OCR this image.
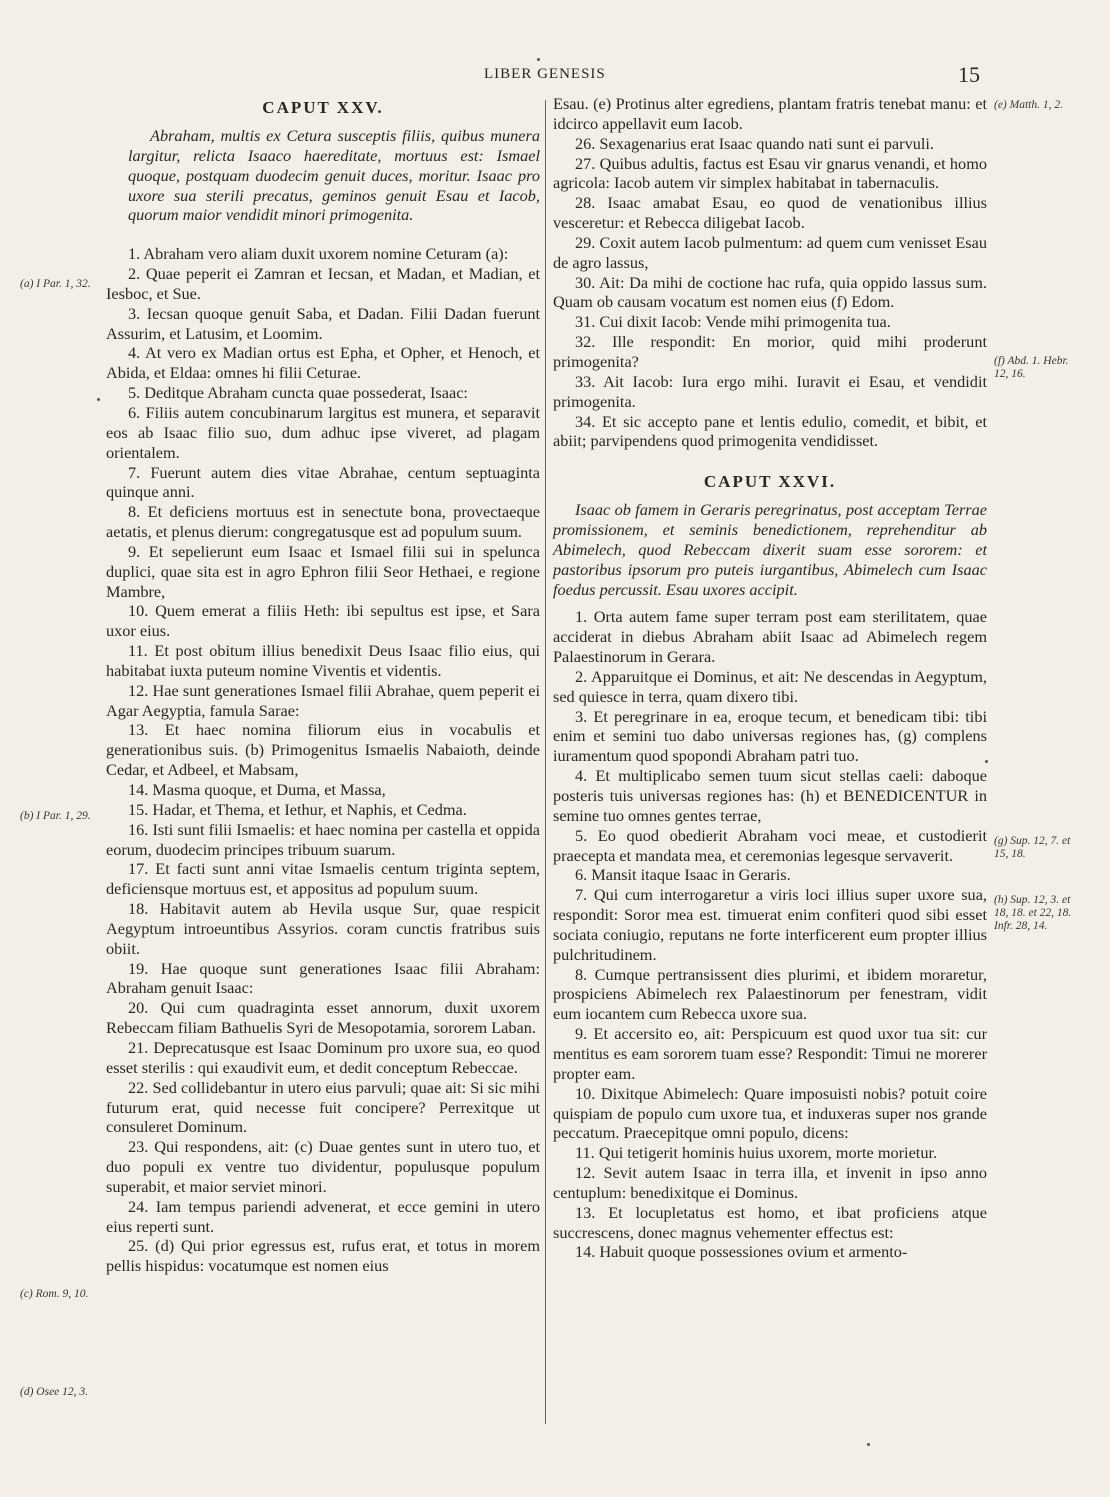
LIBER GENESIS	15
CAPUT XXV.

Abraham, multis ex Cetura susceptis filiis, quibus munera largitur, relicta Isaaco haereditate, mortuus est: Ismael quoque, postquam duodecim genuit duces, moritur. Isaac pro uxore sua sterili precatus, geminos genuit Esau et Iacob, quorum maior vendidit minori primogenita.

1. Abraham vero aliam duxit uxorem nomine Ceturam (a):

2. Quae peperit ei Zamran et Iecsan, et Madan, et Madian, et Iesboc, et Sue.

3. Iecsan quoque genuit Saba, et Dadan. Filii Dadan fuerunt Assurim, et Latusim, et Loomim.

4. At vero ex Madian ortus est Epha, et Opher, et Henoch, et Abida, et Eldaa: omnes hi filii Ceturae.

5. Deditque Abraham cuncta quae possederat, Isaac:

6. Filiis autem concubinarum largitus est munera, et separavit eos ab Isaac filio suo, dum adhuc ipse viveret, ad plagam orientalem.

7. Fuerunt autem dies vitae Abrahae, centum septuaginta quinque anni.

8. Et deficiens mortuus est in senectute bona, provectaeque aetatis, et plenus dierum: congregatusque est ad populum suum.

9. Et sepelierunt eum Isaac et Ismael filii sui in spelunca duplici, quae sita est in agro Ephron filii Seor Hethaei, e regione Mambre,

10. Quem emerat a filiis Heth: ibi sepultus est ipse, et Sara uxor eius.

11. Et post obitum illius benedixit Deus Isaac filio eius, qui habitabat iuxta puteum nomine Viventis et videntis.

12. Hae sunt generationes Ismael filii Abrahae, quem peperit ei Agar Aegyptia, famula Sarae:

13. Et haec nomina filiorum eius in vocabulis et generationibus suis. (b) Primogenitus Ismaelis Nabaioth, deinde Cedar, et Adbeel, et Mabsam,

14. Masma quoque, et Duma, et Massa,

15. Hadar, et Thema, et Iethur, et Naphis, et Cedma.

16. Isti sunt filii Ismaelis: et haec nomina per castella et oppida eorum, duodecim principes tribuum suarum.

17. Et facti sunt anni vitae Ismaelis centum triginta septem, deficiensque mortuus est, et appositus ad populum suum.

18. Habitavit autem ab Hevila usque Sur, quae respicit Aegyptum introeuntibus Assyrios. coram cunctis fratribus suis obiit.

19. Hae quoque sunt generationes Isaac filii Abraham: Abraham genuit Isaac:

20. Qui cum quadraginta esset annorum, duxit uxorem Rebeccam filiam Bathuelis Syri de Mesopotamia, sororem Laban.

21. Deprecatusque est Isaac Dominum pro uxore sua, eo quod esset sterilis : qui exaudivit eum, et dedit conceptum Rebeccae.

22. Sed collidebantur in utero eius parvuli; quae ait: Si sic mihi futurum erat, quid necesse fuit concipere? Perrexitque ut consuleret Dominum.

23. Qui respondens, ait: (c) Duae gentes sunt in utero tuo, et duo populi ex ventre tuo dividentur, populusque populum superabit, et maior serviet minori.

24. Iam tempus pariendi advenerat, et ecce gemini in utero eius reperti sunt.

25. (d) Qui prior egressus est, rufus erat, et totus in morem pellis hispidus: vocatumque est nomen eius

Esau. (e) Protinus alter egrediens, plantam fratris tenebat manu: et idcirco appellavit eum Iacob.

26. Sexagenarius erat Isaac quando nati sunt ei parvuli.

27. Quibus adultis, factus est Esau vir gnarus venandi, et homo agricola: Iacob autem vir simplex habitabat in tabernaculis.

28. Isaac amabat Esau, eo quod de venationibus illius vesceretur: et Rebecca diligebat Iacob.

29. Coxit autem Iacob pulmentum: ad quem cum venisset Esau de agro lassus,

30. Ait: Da mihi de coctione hac rufa, quia oppido lassus sum. Quam ob causam vocatum est nomen eius (f) Edom.

31. Cui dixit Iacob: Vende mihi primogenita tua.

32. Ille respondit: En morior, quid mihi proderunt primogenita?

33. Ait Iacob: Iura ergo mihi. Iuravit ei Esau, et vendidit primogenita.

34. Et sic accepto pane et lentis edulio, comedit, et bibit, et abiit; parvipendens quod primogenita vendidisset.

CAPUT XXVI.

Isaac ob famem in Geraris peregrinatus, post acceptam Terrae promissionem, et seminis benedictionem, reprehenditur ab Abimelech, quod Rebeccam dixerit suam esse sororem: et pastoribus ipsorum pro puteis iurgantibus, Abimelech cum Isaac foedus percussit. Esau uxores accipit.

1. Orta autem fame super terram post eam sterilitatem, quae acciderat in diebus Abraham abiit Isaac ad Abimelech regem Palaestinorum in Gerara.

2. Apparuitque ei Dominus, et ait: Ne descendas in Aegyptum, sed quiesce in terra, quam dixero tibi.

3. Et peregrinare in ea, eroque tecum, et benedicam tibi: tibi enim et semini tuo dabo universas regiones has, (g) complens iuramentum quod spopondi Abraham patri tuo.

4. Et multiplicabo semen tuum sicut stellas caeli: daboque posteris tuis universas regiones has: (h) et BENEDICENTUR in semine tuo omnes gentes terrae,

5. Eo quod obedierit Abraham voci meae, et custodierit praecepta et mandata mea, et ceremonias legesque servaverit.

6. Mansit itaque Isaac in Geraris.

7. Qui cum interrogaretur a viris loci illius super uxore sua, respondit: Soror mea est. timuerat enim confiteri quod sibi esset sociata coniugio, reputans ne forte interficerent eum propter illius pulchritudinem.

8. Cumque pertransissent dies plurimi, et ibidem moraretur, prospiciens Abimelech rex Palaestinorum per fenestram, vidit eum iocantem cum Rebecca uxore sua.

9. Et accersito eo, ait: Perspicuum est quod uxor tua sit: cur mentitus es eam sororem tuam esse? Respondit: Timui ne morerer propter eam.

10. Dixitque Abimelech: Quare imposuisti nobis? potuit coire quispiam de populo cum uxore tua, et induxeras super nos grande peccatum. Praecepitque omni populo, dicens:

11. Qui tetigerit hominis huius uxorem, morte morietur.

12. Sevit autem Isaac in terra illa, et invenit in ipso anno centuplum: benedixitque ei Dominus.

13. Et locupletatus est homo, et ibat proficiens atque succrescens, donec magnus vehementer effectus est:

14. Habuit quoque possessiones ovium et armento-

(a) I Par. 1, 32.
(b) I Par. 1, 29.
(c) Rom. 9, 10.
(d) Osee 12, 3.
(e) Matth. 1, 2.
(f) Abd. 1. Hebr. 12, 16.
(g) Sup. 12, 7. et 15, 18.
(h) Sup. 12, 3. et 18, 18. et 22, 18. Infr. 28, 14.
